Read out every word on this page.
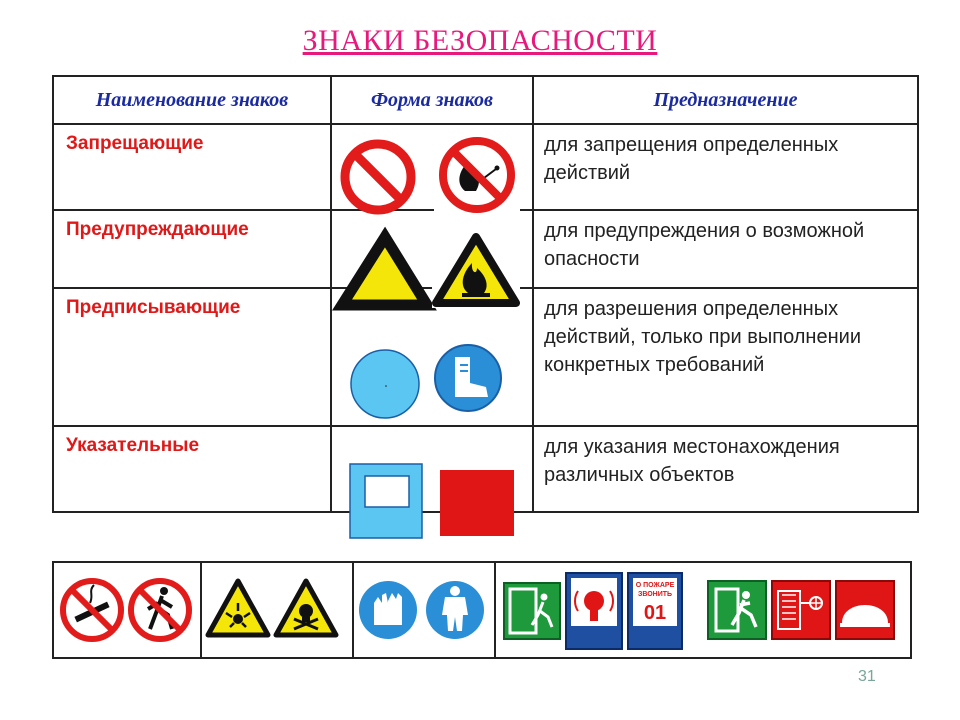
ЗНАКИ БЕЗОПАСНОСТИ
Наименование знаков	Форма знаков	Предназначение

Запрещающие		для запрещения определенных действий

Предупреждающие		для предупреждения о возможной опасности

Предписывающие		для разрешения определенных действий, только при выполнении конкретных требований

Указательные		для указания местонахождения различных объектов
О ПОЖАРЕ
ЗВОНИТЬ
01
31
